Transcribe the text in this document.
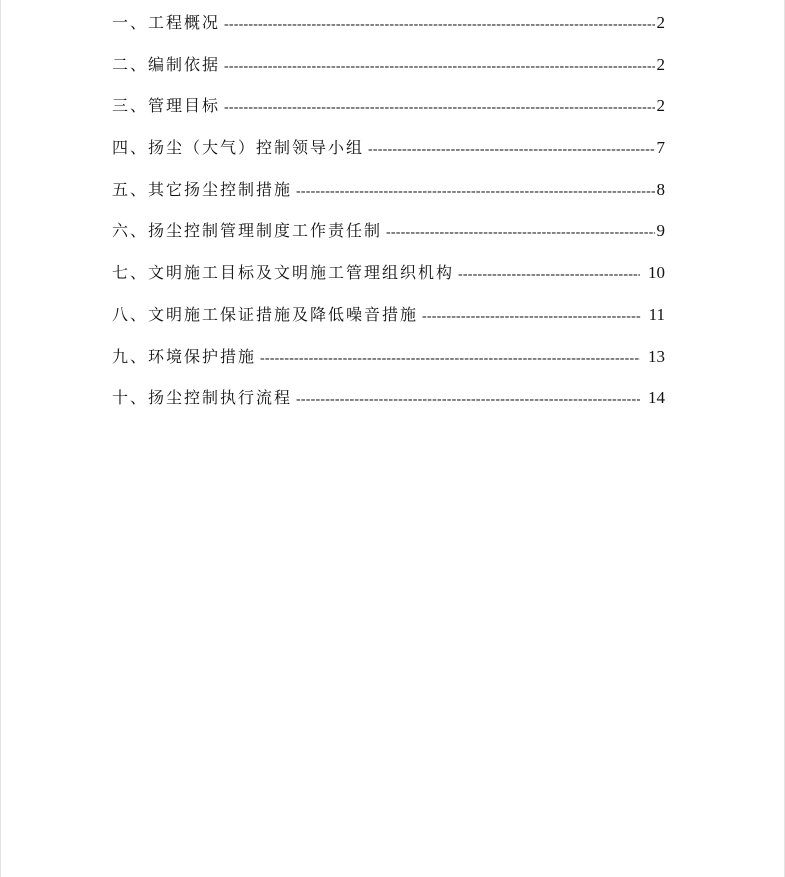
一、工程概况 -----	2
二、编制依据 -----	2
三、管理目标 -----	2
四、扬尘（大气）控制领导小组 -----	7
五、其它扬尘控制措施 -----	8
六、扬尘控制管理制度工作责任制 -----	9
七、文明施工目标及文明施工管理组织机构 -----	10
八、文明施工保证措施及降低噪音措施 -----	11
九、环境保护措施 -----	13
十、扬尘控制执行流程 -----	14
